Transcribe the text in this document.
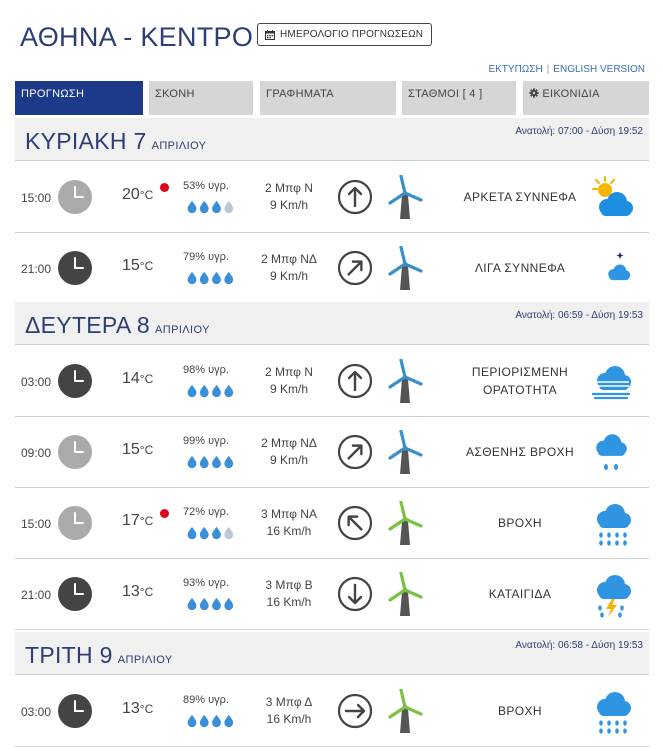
ΑΘΗΝΑ - ΚΕΝΤΡΟ	ΗΜΕΡΟΛΟΓΙΟ ΠΡΟΓΝΩΣΕΩΝ
ΕΚΤΥΠΩΣΗ | ENGLISH VERSION
ΠΡΟΓΝΩΣΗ	ΣΚΟΝΗ	ΓΡΑΦΗΜΑΤΑ	ΣΤΑΘΜΟΙ [ 4 ]	ΕΙΚΟΝΙΔΙΑ
ΚΥΡΙΑΚΗ 7 ΑΠΡΙΛΙΟΥ
Ανατολή: 07:00 - Δύση 19:52
15:00	20°C
53% υγρ.	2 Μπφ Ν
9 Km/h
ΑΡΚΕΤΑ ΣΥΝΝΕΦΑ
21:00	15°C
79% υγρ.	2 Μπφ ΝΔ
9 Km/h
ΛΙΓΑ ΣΥΝΝΕΦΑ
ΔΕΥΤΕΡΑ 8 ΑΠΡΙΛΙΟΥ
Ανατολή: 06:59 - Δύση 19:53
03:00	14°C
98% υγρ.	2 Μπφ Ν
9 Km/h
ΠΕΡΙΟΡΙΣΜΕΝΗ ΟΡΑΤΟΤΗΤΑ
09:00	15°C
99% υγρ.	2 Μπφ ΝΔ
9 Km/h
ΑΣΘΕΝΗΣ ΒΡΟΧΗ
15:00	17°C
72% υγρ.	3 Μπφ ΝΑ
16 Km/h
ΒΡΟΧΗ
21:00	13°C
93% υγρ.	3 Μπφ Β
16 Km/h
ΚΑΤΑΙΓΙΔΑ
ΤΡΙΤΗ 9 ΑΠΡΙΛΙΟΥ
Ανατολή: 06:58 - Δύση 19:53
03:00	13°C
89% υγρ.	3 Μπφ Δ
16 Km/h
ΒΡΟΧΗ
